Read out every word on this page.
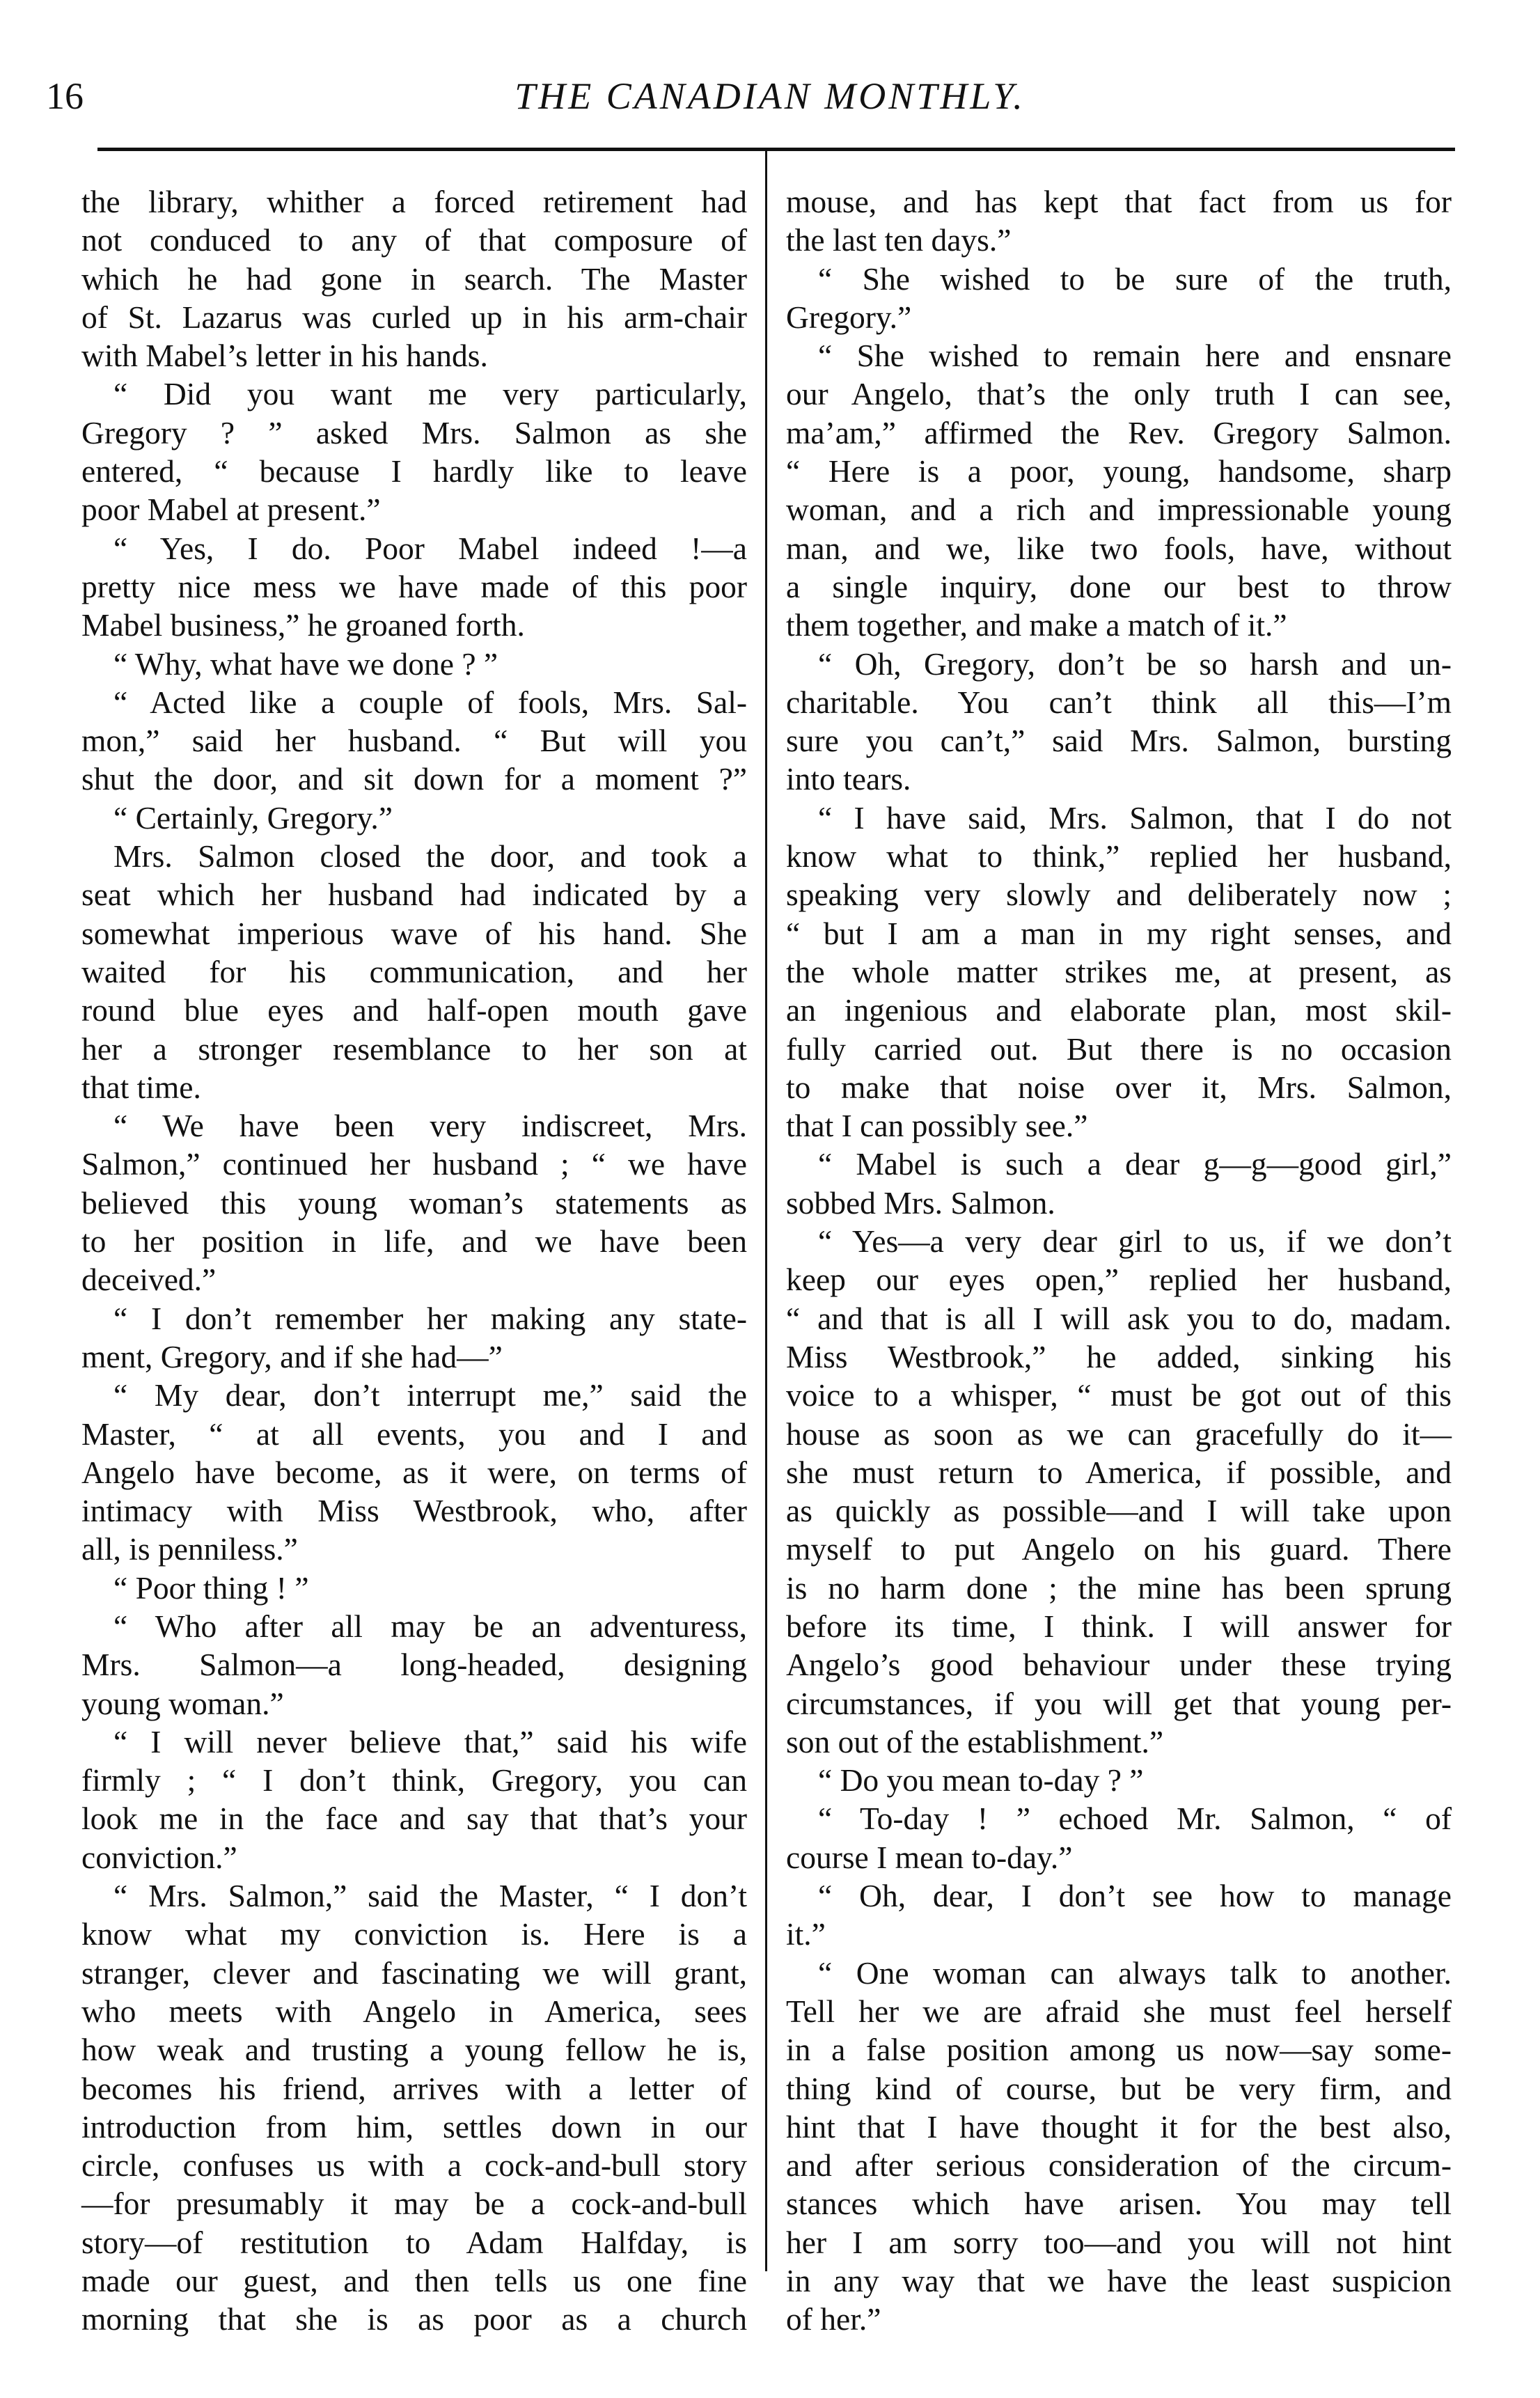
16	THE CANADIAN MONTHLY.
the library, whither a forced retirement had
not conduced to any of that composure of
which he had gone in search. The Master
of St. Lazarus was curled up in his arm-chair
with Mabel’s letter in his hands.
“ Did you want me very particularly,
Gregory ? ” asked Mrs. Salmon as she
entered, “ because I hardly like to leave
poor Mabel at present.”
“ Yes, I do. Poor Mabel indeed !—a
pretty nice mess we have made of this poor
Mabel business,” he groaned forth.
“ Why, what have we done ? ”
“ Acted like a couple of fools, Mrs. Sal-
mon,” said her husband. “ But will you
shut the door, and sit down for a moment ?”
“ Certainly, Gregory.”
Mrs. Salmon closed the door, and took a
seat which her husband had indicated by a
somewhat imperious wave of his hand. She
waited for his communication, and her
round blue eyes and half-open mouth gave
her a stronger resemblance to her son at
that time.
“ We have been very indiscreet, Mrs.
Salmon,” continued her husband ; “ we have
believed this young woman’s statements as
to her position in life, and we have been
deceived.”
“ I don’t remember her making any state-
ment, Gregory, and if she had—”
“ My dear, don’t interrupt me,” said the
Master, “ at all events, you and I and
Angelo have become, as it were, on terms of
intimacy with Miss Westbrook, who, after
all, is penniless.”
“ Poor thing ! ”
“ Who after all may be an adventuress,
Mrs. Salmon—a long-headed, designing
young woman.”
“ I will never believe that,” said his wife
firmly ; “ I don’t think, Gregory, you can
look me in the face and say that that’s your
conviction.”
“ Mrs. Salmon,” said the Master, “ I don’t
know what my conviction is. Here is a
stranger, clever and fascinating we will grant,
who meets with Angelo in America, sees
how weak and trusting a young fellow he is,
becomes his friend, arrives with a letter of
introduction from him, settles down in our
circle, confuses us with a cock-and-bull story
—for presumably it may be a cock-and-bull
story—of restitution to Adam Halfday, is
made our guest, and then tells us one fine
morning that she is as poor as a church
mouse, and has kept that fact from us for
the last ten days.”
“ She wished to be sure of the truth,
Gregory.”
“ She wished to remain here and ensnare
our Angelo, that’s the only truth I can see,
ma’am,” affirmed the Rev. Gregory Salmon.
“ Here is a poor, young, handsome, sharp
woman, and a rich and impressionable young
man, and we, like two fools, have, without
a single inquiry, done our best to throw
them together, and make a match of it.”
“ Oh, Gregory, don’t be so harsh and un-
charitable. You can’t think all this—I’m
sure you can’t,” said Mrs. Salmon, bursting
into tears.
“ I have said, Mrs. Salmon, that I do not
know what to think,” replied her husband,
speaking very slowly and deliberately now ;
“ but I am a man in my right senses, and
the whole matter strikes me, at present, as
an ingenious and elaborate plan, most skil-
fully carried out. But there is no occasion
to make that noise over it, Mrs. Salmon,
that I can possibly see.”
“ Mabel is such a dear g—g—good girl,”
sobbed Mrs. Salmon.
“ Yes—a very dear girl to us, if we don’t
keep our eyes open,” replied her husband,
“ and that is all I will ask you to do, madam.
Miss Westbrook,” he added, sinking his
voice to a whisper, “ must be got out of this
house as soon as we can gracefully do it—
she must return to America, if possible, and
as quickly as possible—and I will take upon
myself to put Angelo on his guard. There
is no harm done ; the mine has been sprung
before its time, I think. I will answer for
Angelo’s good behaviour under these trying
circumstances, if you will get that young per-
son out of the establishment.”
“ Do you mean to-day ? ”
“ To-day ! ” echoed Mr. Salmon, “ of
course I mean to-day.”
“ Oh, dear, I don’t see how to manage
it.”
“ One woman can always talk to another.
Tell her we are afraid she must feel herself
in a false position among us now—say some-
thing kind of course, but be very firm, and
hint that I have thought it for the best also,
and after serious consideration of the circum-
stances which have arisen. You may tell
her I am sorry too—and you will not hint
in any way that we have the least suspicion
of her.”
